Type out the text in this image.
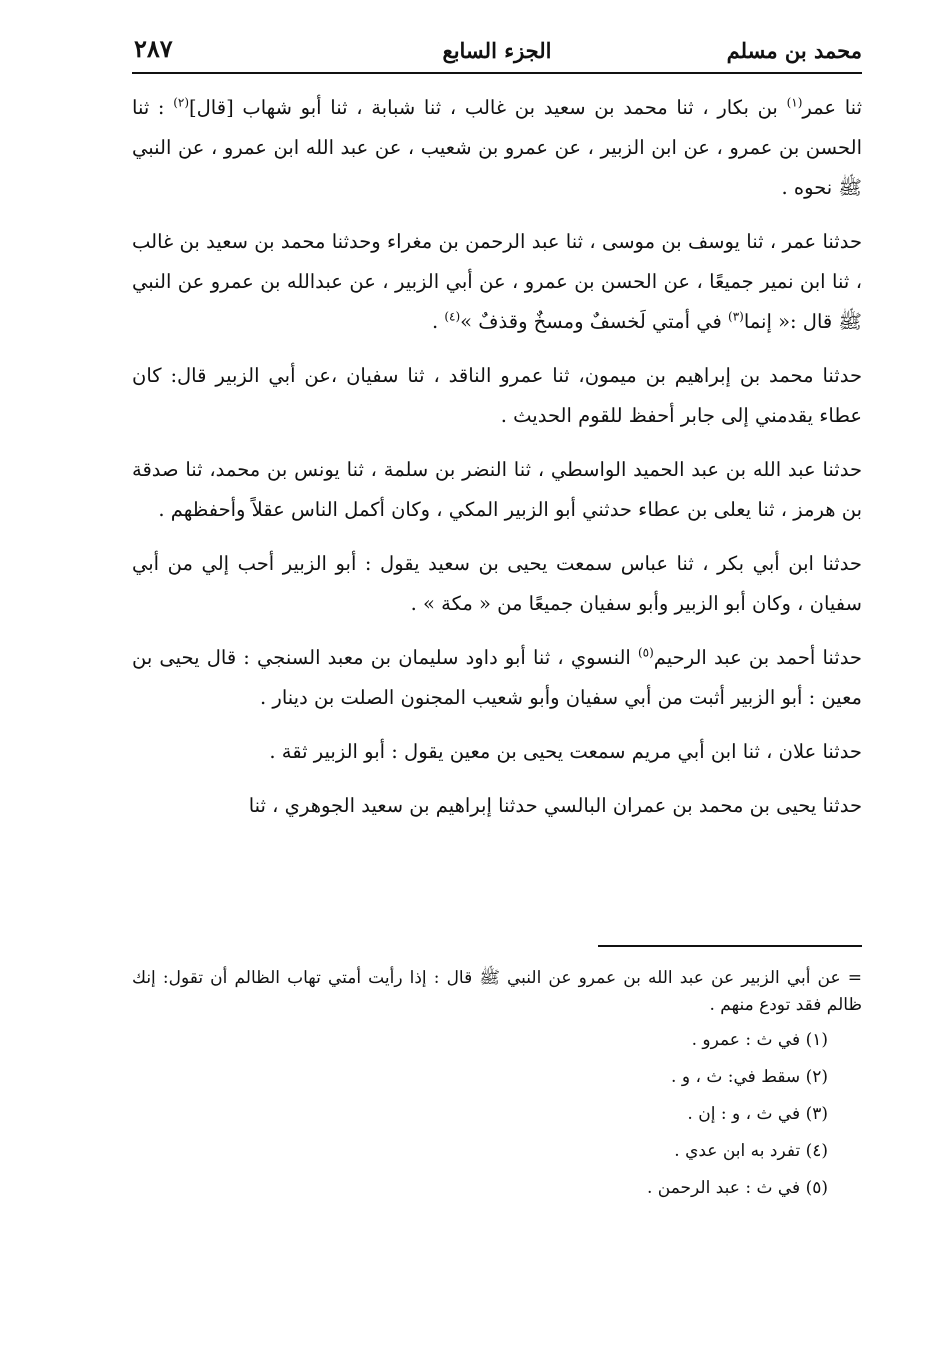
محمد بن مسلم
الجزء السابع
٢٨٧

ثنا عمر$^{(١)}$ بن بكار ، ثنا محمد بن سعيد بن غالب ، ثنا شبابة ، ثنا أبو شهاب [قال]$^{(٢)}$ : ثنا الحسن بن عمرو ، عن ابن الزبير ، عن عمرو بن شعيب ، عن عبد الله ابن عمرو ، عن النبي ﷺ نحوه .

حدثنا عمر ، ثنا يوسف بن موسى ، ثنا عبد الرحمن بن مغراء وحدثنا محمد بن سعيد بن غالب ، ثنا ابن نمير جميعًا ، عن الحسن بن عمرو ، عن أبي الزبير ، عن عبدالله بن عمرو عن النبي ﷺ قال :« إنما$^{(٣)}$ في أمتي لَخسفٌ ومسخٌ وقذفٌ »$^{(٤)}$ .

حدثنا محمد بن إبراهيم بن ميمون، ثنا عمرو الناقد ، ثنا سفيان ،عن أبي الزبير قال: كان عطاء يقدمني إلى جابر أحفظ للقوم الحديث .

حدثنا عبد الله بن عبد الحميد الواسطي ، ثنا النضر بن سلمة ، ثنا يونس بن محمد، ثنا صدقة بن هرمز ، ثنا يعلى بن عطاء حدثني أبو الزبير المكي ، وكان أكمل الناس عقلاً وأحفظهم .

حدثنا ابن أبي بكر ، ثنا عباس سمعت يحيى بن سعيد يقول : أبو الزبير أحب إلي من أبي سفيان ، وكان أبو الزبير وأبو سفيان جميعًا من « مكة » .

حدثنا أحمد بن عبد الرحيم$^{(٥)}$ النسوي ، ثنا أبو داود سليمان بن معبد السنجي : قال يحيى بن معين : أبو الزبير أثبت من أبي سفيان وأبو شعيب المجنون الصلت بن دينار .

حدثنا علان ، ثنا ابن أبي مريم سمعت يحيى بن معين يقول : أبو الزبير ثقة .

حدثنا يحيى بن محمد بن عمران البالسي حدثنا إبراهيم بن سعيد الجوهري ، ثنا

= عن أبي الزبير عن عبد الله بن عمرو عن النبي ﷺ قال : إذا رأيت أمتي تهاب الظالم أن تقول: إنك ظالم فقد تودع منهم .

(١) في ث : عمرو .
(٢) سقط في: ث ، و .
(٣) في ث ، و : إن .
(٤) تفرد به ابن عدي .
(٥) في ث : عبد الرحمن .
